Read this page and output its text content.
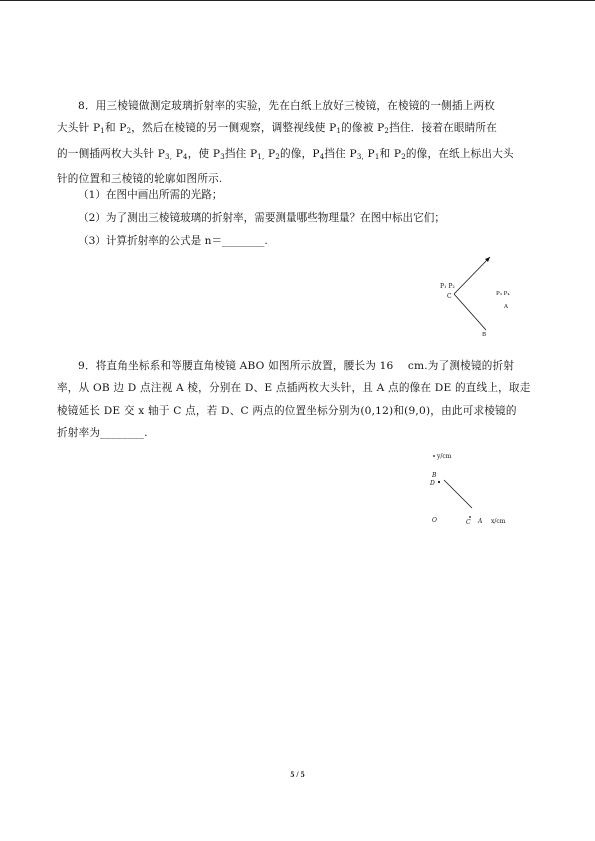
8．用三棱镜做测定玻璃折射率的实验，先在白纸上放好三棱镜，在棱镜的一侧插上两枚
大头针 $P_1$和 $P_2$，然后在棱镜的另一侧观察，调整视线使 $P_1$的像被 $P_2$挡住．接着在眼睛所在
的一侧插两枚大头针 $P_{3,}$ $P_4$，使 $P_3$挡住 $P_{1,}$ $P_2$的像，$P_4$挡住 $P_{3,}$ $P_1$和 $P_2$的像，在纸上标出大头
针的位置和三棱镜的轮廓如图所示.
（1）在图中画出所需的光路；
（2）为了测出三棱镜玻璃的折射率，需要测量哪些物理量？在图中标出它们；
（3）计算折射率的公式是 n＝________.
P₁ P₂
C	P₃ P₄
A
B
9．将直角坐标系和等腰直角棱镜 ABO 如图所示放置，腰长为 16　 cm.为了测棱镜的折射
率，从 OB 边 D 点注视 A 棱，分别在 D、E 点插两枚大头针，且 A 点的像在 DE 的直线上，取走
棱镜延长 DE 交 x 轴于 C 点，若 D、C 两点的位置坐标分别为(0,12)和(9,0)，由此可求棱镜的
折射率为________.
y/cm
B
D
O	C A x/cm
5 / 5
